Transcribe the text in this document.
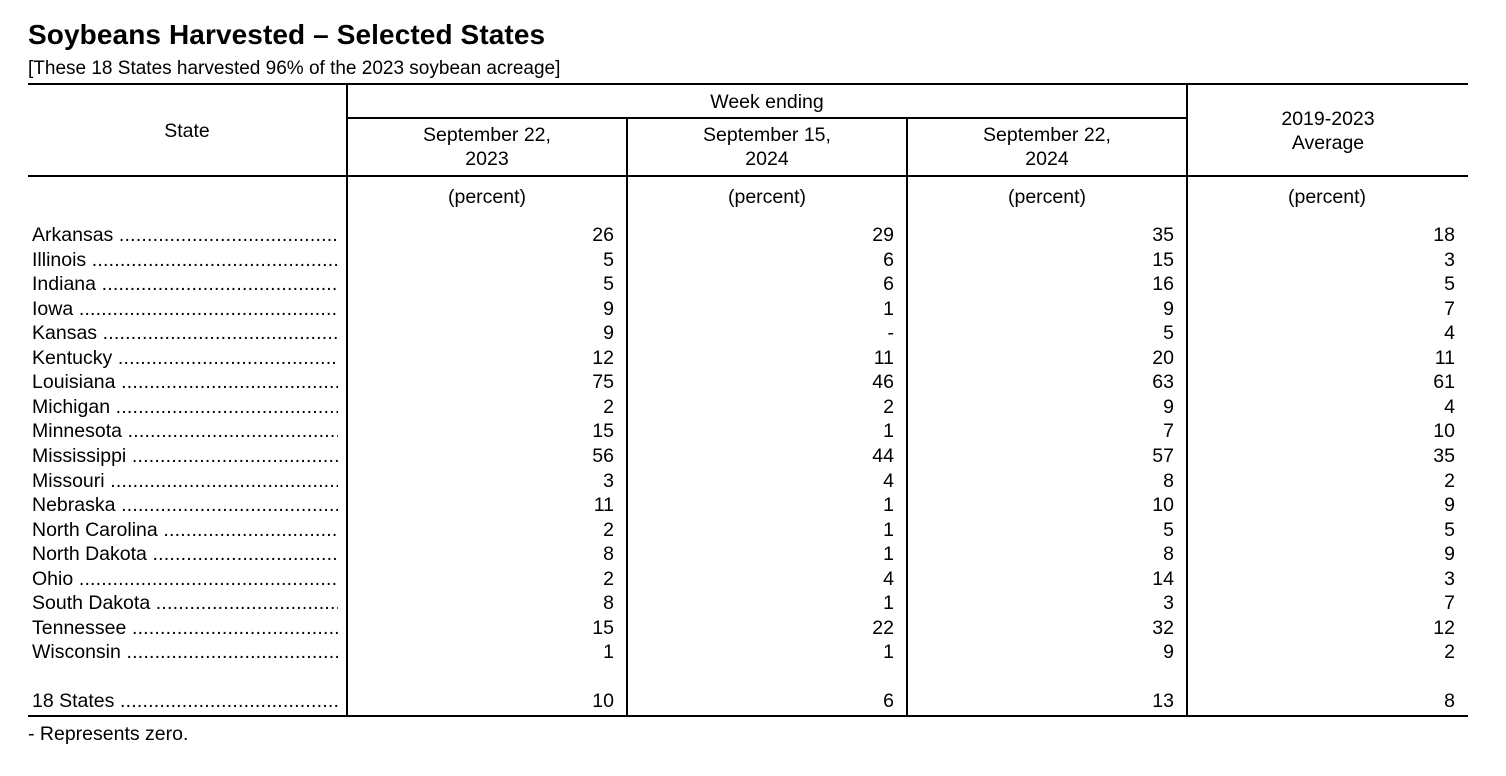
Soybeans Harvested – Selected States
[These 18 States harvested 96% of the 2023 soybean acreage]
State
Week ending
September 22,
2023
September 15,
2024
September 22,
2024
2019-2023
Average
(percent)	(percent)	(percent)	(percent)
Arkansas .....	26	29	35	18
Illinois .....	5	6	15	3
Indiana .....	5	6	16	5
Iowa .....	9	1	9	7
Kansas .....	9	-	5	4
Kentucky .....	12	11	20	11
Louisiana .....	75	46	63	61
Michigan .....	2	2	9	4
Minnesota .....	15	1	7	10
Mississippi .....	56	44	57	35
Missouri .....	3	4	8	2
Nebraska .....	11	1	10	9
North Carolina .....	2	1	5	5
North Dakota .....	8	1	8	9
Ohio .....	2	4	14	3
South Dakota .....	8	1	3	7
Tennessee .....	15	22	32	12
Wisconsin .....	1	1	9	2
18 States .....	10	6	13	8
- Represents zero.
